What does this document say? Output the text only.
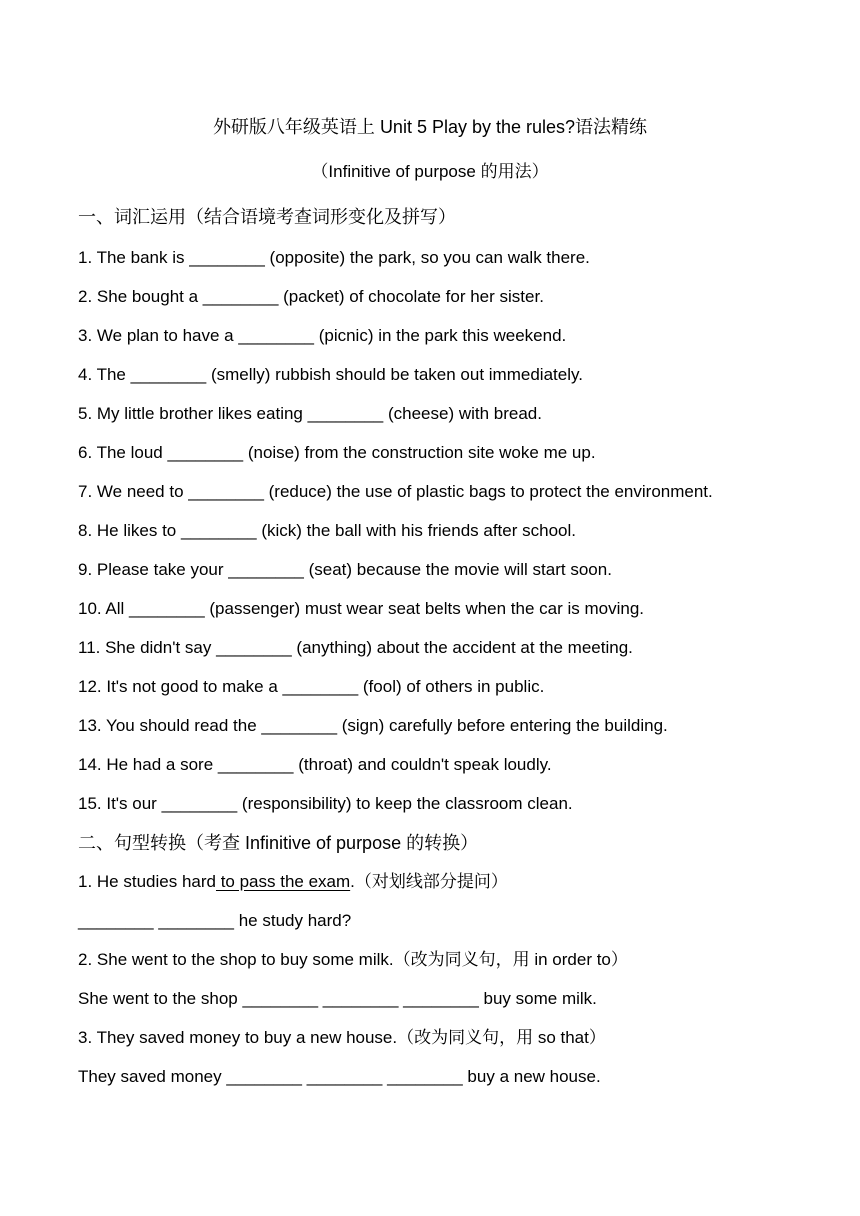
外研版八年级英语上 Unit 5 Play by the rules?语法精练
（Infinitive of purpose 的用法）
一、词汇运用（结合语境考查词形变化及拼写）
1. The bank is ________ (opposite) the park, so you can walk there.
2. She bought a ________ (packet) of chocolate for her sister.
3. We plan to have a ________ (picnic) in the park this weekend.
4. The ________ (smelly) rubbish should be taken out immediately.
5. My little brother likes eating ________ (cheese) with bread.
6. The loud ________ (noise) from the construction site woke me up.
7. We need to ________ (reduce) the use of plastic bags to protect the environment.
8. He likes to ________ (kick) the ball with his friends after school.
9. Please take your ________ (seat) because the movie will start soon.
10. All ________ (passenger) must wear seat belts when the car is moving.
11. She didn't say ________ (anything) about the accident at the meeting.
12. It's not good to make a ________ (fool) of others in public.
13. You should read the ________ (sign) carefully before entering the building.
14. He had a sore ________ (throat) and couldn't speak loudly.
15. It's our ________ (responsibility) to keep the classroom clean.
二、句型转换（考查 Infinitive of purpose 的转换）
1. He studies hard to pass the exam.（对划线部分提问）
________ ________ he study hard?
2. She went to the shop to buy some milk.（改为同义句，用 in order to）
She went to the shop ________ ________ ________ buy some milk.
3. They saved money to buy a new house.（改为同义句，用 so that）
They saved money ________ ________ ________ buy a new house.
